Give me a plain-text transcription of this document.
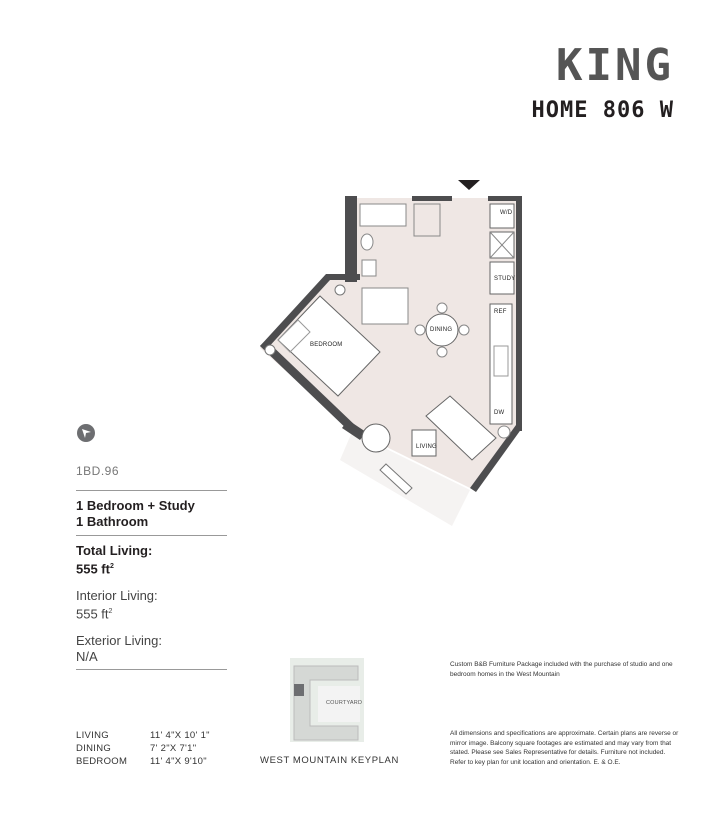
KING
HOME 806 W
W/D
STUDY
REF
DW
DINING
BEDROOM
LIVING
1BD.96
1 Bedroom + Study
1 Bathroom
Total Living:
555 $ft^2$
Interior Living:
555 $ft^2$
Exterior Living:
N/A
LIVING
DINING
BEDROOM
11' 4"X 10' 1"
7' 2"X 7'1"
11' 4"X 9'10"
COURTYARD
WEST MOUNTAIN KEYPLAN
Custom B&B Furniture Package included with the purchase of studio and one bedroom homes in the West Mountain
All dimensions and specifications are approximate. Certain plans are reverse or mirror image. Balcony square footages are estimated and may vary from that stated. Please see Sales Representative for details. Furniture not included. Refer to key plan for unit location and orientation. E. & O.E.
